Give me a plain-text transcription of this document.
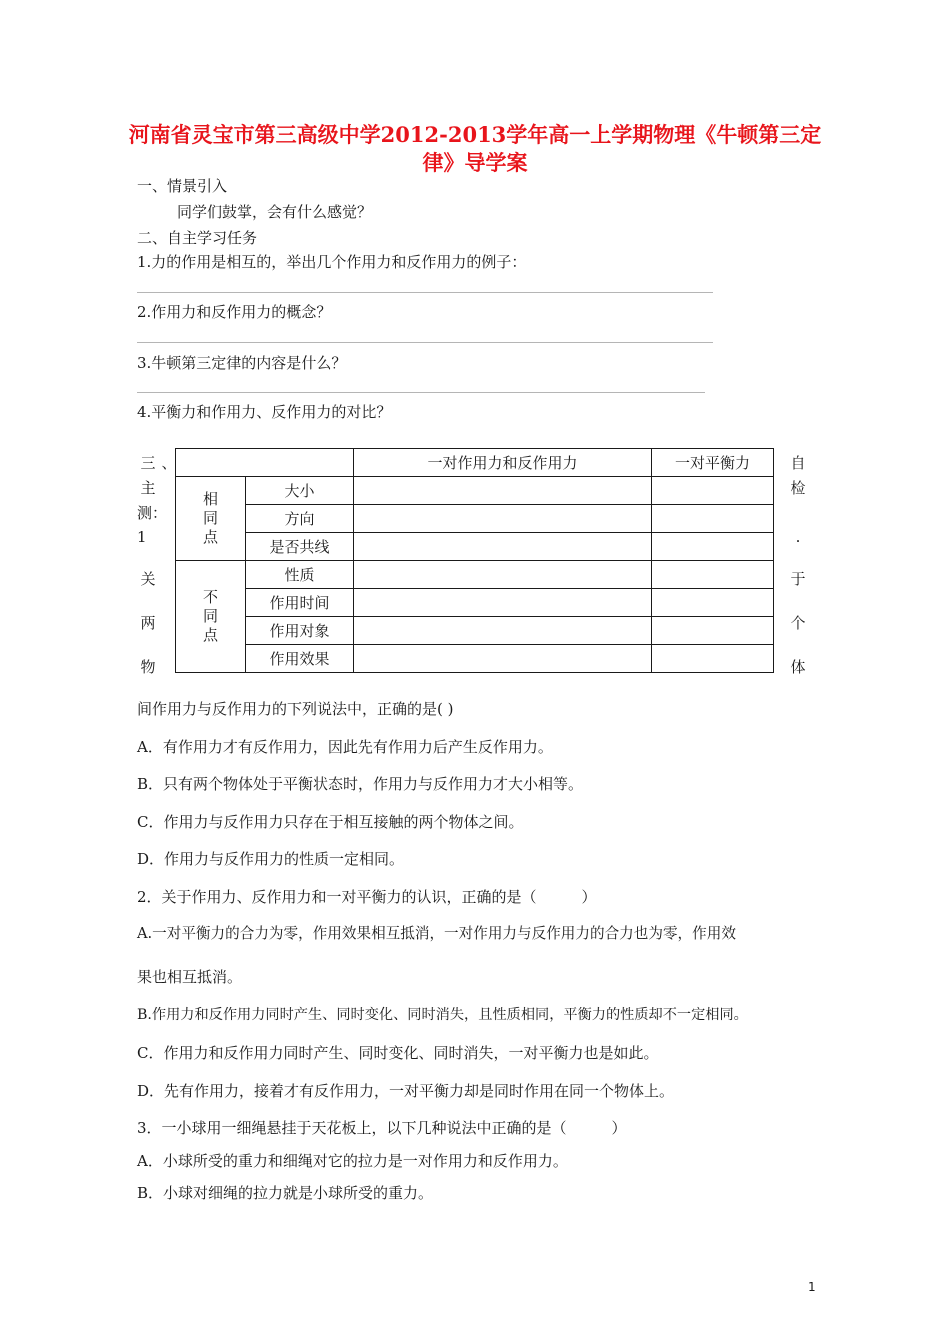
河南省灵宝市第三高级中学2012-2013学年高一上学期物理《牛顿第三定律》导学案
一、情景引入
同学们鼓掌，会有什么感觉？
二、自主学习任务
1.力的作用是相互的，举出几个作用力和反作用力的例子：
2.作用力和反作用力的概念？
3.牛顿第三定律的内容是什么？
4.平衡力和作用力、反作用力的对比？
三 、
主
测：
1
关
两
物
自
检
.
于
个
体
		一对作用力和反作用力	一对平衡力

相同点	大小		
	方向		
	是否共线		

不同点	性质		
	作用时间		
	作用对象		
	作用效果		
间作用力与反作用力的下列说法中，正确的是( )
A．有作用力才有反作用力，因此先有作用力后产生反作用力。
B．只有两个物体处于平衡状态时，作用力与反作用力才大小相等。
C．作用力与反作用力只存在于相互接触的两个物体之间。
D．作用力与反作用力的性质一定相同。
2．关于作用力、反作用力和一对平衡力的认识，正确的是（　　　）
A.一对平衡力的合力为零，作用效果相互抵消，一对作用力与反作用力的合力也为零，作用效
果也相互抵消。
B.作用力和反作用力同时产生、同时变化、同时消失，且性质相同，平衡力的性质却不一定相同。
C．作用力和反作用力同时产生、同时变化、同时消失，一对平衡力也是如此。
D．先有作用力，接着才有反作用力，一对平衡力却是同时作用在同一个物体上。
3．一小球用一细绳悬挂于天花板上，以下几种说法中正确的是（　　　）
A．小球所受的重力和细绳对它的拉力是一对作用力和反作用力。
B．小球对细绳的拉力就是小球所受的重力。
1
